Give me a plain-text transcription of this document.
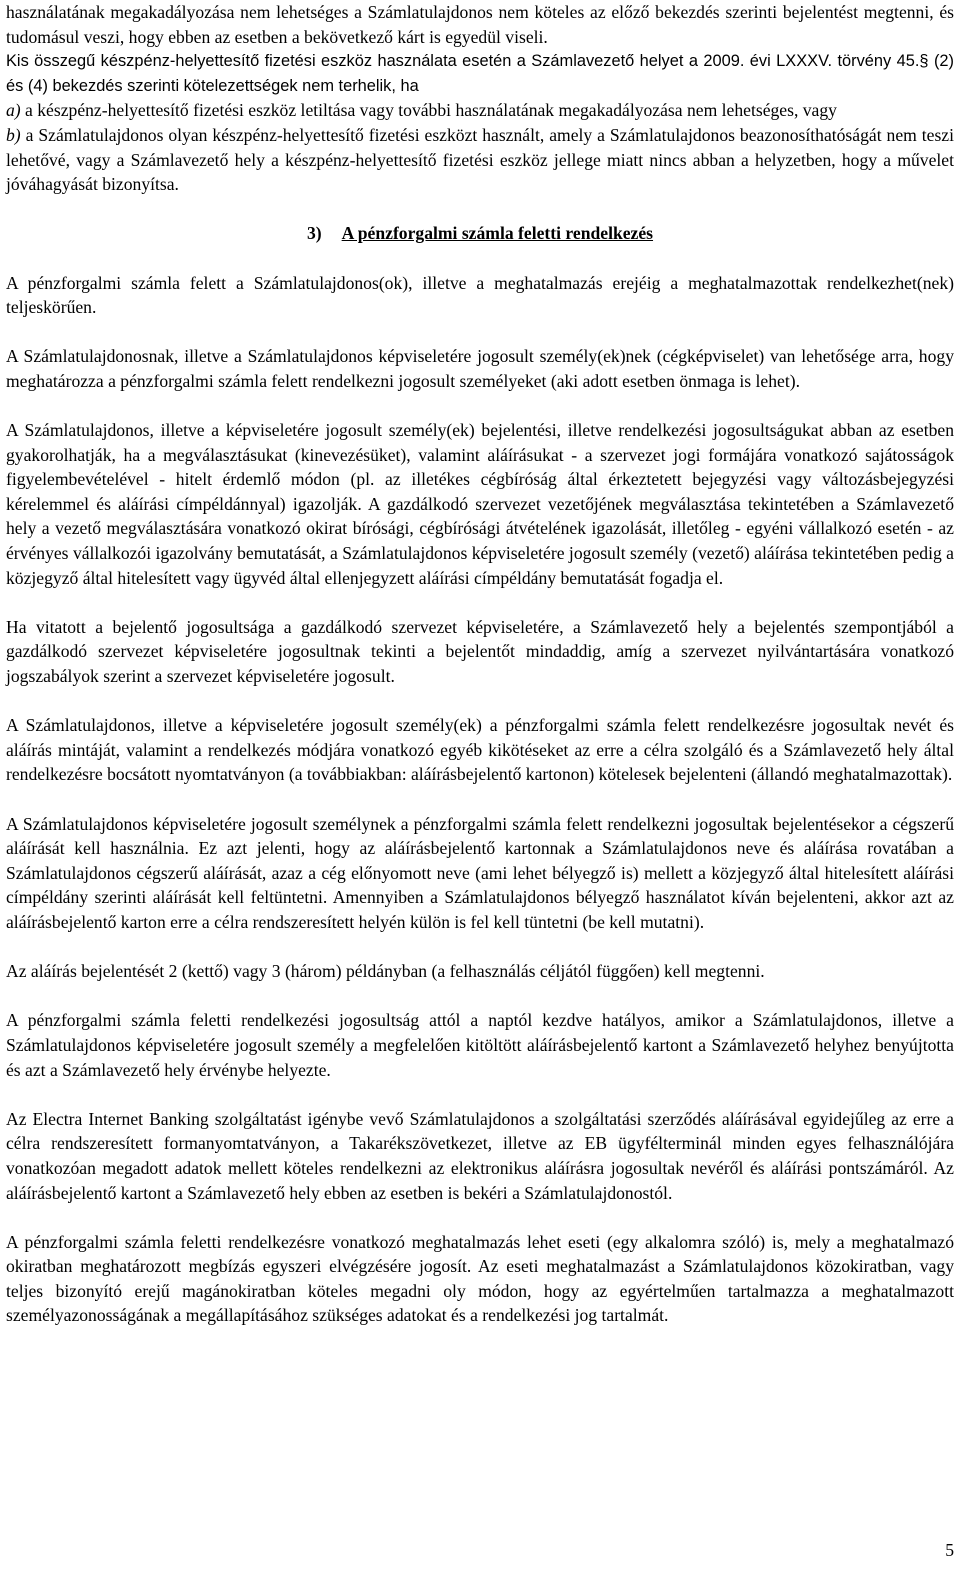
használatának megakadályozása nem lehetséges a Számlatulajdonos nem köteles az előző bekezdés szerinti bejelentést megtenni, és tudomásul veszi, hogy ebben az esetben a bekövetkező kárt is egyedül viseli.

Kis összegű készpénz-helyettesítő fizetési eszköz használata esetén a Számlavezető helyet a 2009. évi LXXXV. törvény 45.§ (2) és (4) bekezdés szerinti kötelezettségek nem terhelik, ha

a) a készpénz-helyettesítő fizetési eszköz letiltása vagy további használatának megakadályozása nem lehetséges, vagy

b) a Számlatulajdonos olyan készpénz-helyettesítő fizetési eszközt használt, amely a Számlatulajdonos beazonosíthatóságát nem teszi lehetővé, vagy a Számlavezető hely a készpénz-helyettesítő fizetési eszköz jellege miatt nincs abban a helyzetben, hogy a művelet jóváhagyását bizonyítsa.

3) A pénzforgalmi számla feletti rendelkezés

A pénzforgalmi számla felett a Számlatulajdonos(ok), illetve a meghatalmazás erejéig a meghatalmazottak rendelkezhet(nek) teljeskörűen.

A Számlatulajdonosnak, illetve a Számlatulajdonos képviseletére jogosult személy(ek)nek (cégképviselet) van lehetősége arra, hogy meghatározza a pénzforgalmi számla felett rendelkezni jogosult személyeket (aki adott esetben önmaga is lehet).

A Számlatulajdonos, illetve a képviseletére jogosult személy(ek) bejelentési, illetve rendelkezési jogosultságukat abban az esetben gyakorolhatják, ha a megválasztásukat (kinevezésüket), valamint aláírásukat - a szervezet jogi formájára vonatkozó sajátosságok figyelembevételével - hitelt érdemlő módon (pl. az illetékes cégbíróság által érkeztetett bejegyzési vagy változásbejegyzési kérelemmel és aláírási címpéldánnyal) igazolják. A gazdálkodó szervezet vezetőjének megválasztása tekintetében a Számlavezető hely a vezető megválasztására vonatkozó okirat bírósági, cégbírósági átvételének igazolását, illetőleg - egyéni vállalkozó esetén - az érvényes vállalkozói igazolvány bemutatását, a Számlatulajdonos képviseletére jogosult személy (vezető) aláírása tekintetében pedig a közjegyző által hitelesített vagy ügyvéd által ellenjegyzett aláírási címpéldány bemutatását fogadja el.

Ha vitatott a bejelentő jogosultsága a gazdálkodó szervezet képviseletére, a Számlavezető hely a bejelentés szempontjából a gazdálkodó szervezet képviseletére jogosultnak tekinti a bejelentőt mindaddig, amíg a szervezet nyilvántartására vonatkozó jogszabályok szerint a szervezet képviseletére jogosult.

A Számlatulajdonos, illetve a képviseletére jogosult személy(ek) a pénzforgalmi számla felett rendelkezésre jogosultak nevét és aláírás mintáját, valamint a rendelkezés módjára vonatkozó egyéb kikötéseket az erre a célra szolgáló és a Számlavezető hely által rendelkezésre bocsátott nyomtatványon (a továbbiakban: aláírásbejelentő kartonon) kötelesek bejelenteni (állandó meghatalmazottak).

A Számlatulajdonos képviseletére jogosult személynek a pénzforgalmi számla felett rendelkezni jogosultak bejelentésekor a cégszerű aláírását kell használnia. Ez azt jelenti, hogy az aláírásbejelentő kartonnak a Számlatulajdonos neve és aláírása rovatában a Számlatulajdonos cégszerű aláírását, azaz a cég előnyomott neve (ami lehet bélyegző is) mellett a közjegyző által hitelesített aláírási címpéldány szerinti aláírását kell feltüntetni. Amennyiben a Számlatulajdonos bélyegző használatot kíván bejelenteni, akkor azt az aláírásbejelentő karton erre a célra rendszeresített helyén külön is fel kell tüntetni (be kell mutatni).

Az aláírás bejelentését 2 (kettő) vagy 3 (három) példányban (a felhasználás céljától függően) kell megtenni.

A pénzforgalmi számla feletti rendelkezési jogosultság attól a naptól kezdve hatályos, amikor a Számlatulajdonos, illetve a Számlatulajdonos képviseletére jogosult személy a megfelelően kitöltött aláírásbejelentő kartont a Számlavezető helyhez benyújtotta és azt a Számlavezető hely érvénybe helyezte.

Az Electra Internet Banking szolgáltatást igénybe vevő Számlatulajdonos a szolgáltatási szerződés aláírásával egyidejűleg az erre a célra rendszeresített formanyomtatványon, a Takarékszövetkezet, illetve az EB ügyfélterminál minden egyes felhasználójára vonatkozóan megadott adatok mellett köteles rendelkezni az elektronikus aláírásra jogosultak nevéről és aláírási pontszámáról. Az aláírásbejelentő kartont a Számlavezető hely ebben az esetben is bekéri a Számlatulajdonostól.

A pénzforgalmi számla feletti rendelkezésre vonatkozó meghatalmazás lehet eseti (egy alkalomra szóló) is, mely a meghatalmazó okiratban meghatározott megbízás egyszeri elvégzésére jogosít. Az eseti meghatalmazást a Számlatulajdonos közokiratban, vagy teljes bizonyító erejű magánokiratban köteles megadni oly módon, hogy az egyértelműen tartalmazza a meghatalmazott személyazonosságának a megállapításához szükséges adatokat és a rendelkezési jog tartalmát.

5
